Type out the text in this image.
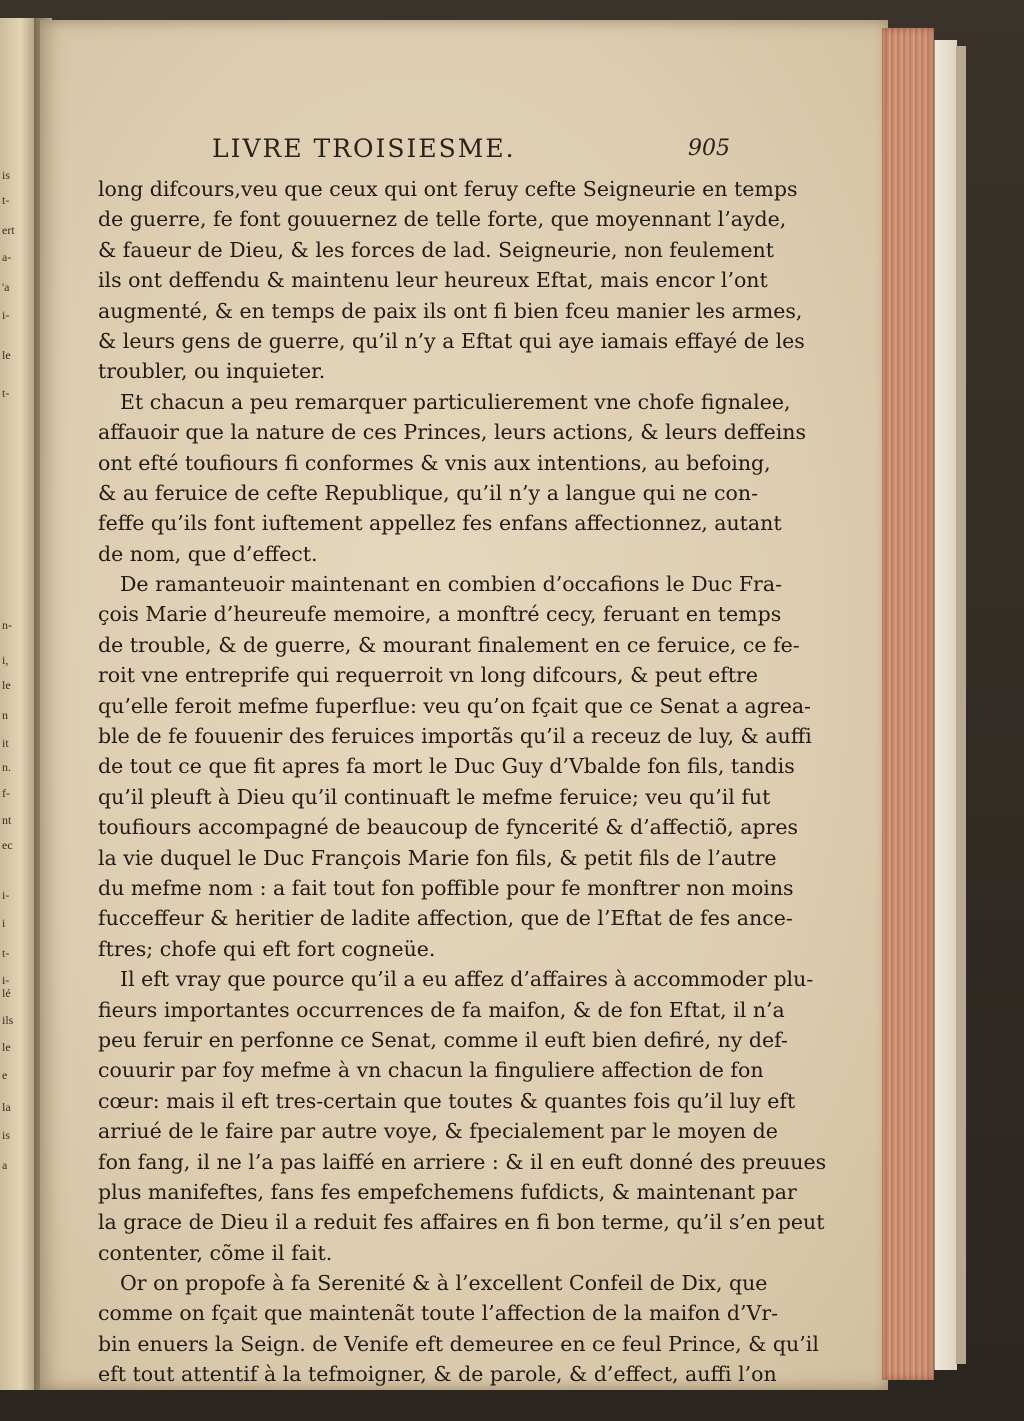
is
t-
ert
a-
'a
i-
le
t-
n-
i,
le
n
it
n.
f-
nt
ec
i-
i
t-
i-
lé
ils
le
e
la
is
a
LIVRE TROISIESME.	905
long difcours,veu que ceux qui ont feruy cefte Seigneurie en temps
de guerre, fe font gouuernez de telle forte, que moyennant l’ayde,
& faueur de Dieu, & les forces de lad. Seigneurie, non feulement
ils ont deffendu & maintenu leur heureux Eftat, mais encor l’ont
augmenté, & en temps de paix ils ont fi bien fceu manier les armes,
& leurs gens de guerre, qu’il n’y a Eftat qui aye iamais effayé de les
troubler, ou inquieter.
Et chacun a peu remarquer particulierement vne chofe fignalee,
affauoir que la nature de ces Princes, leurs actions, & leurs deffeins
ont efté toufiours fi conformes & vnis aux intentions, au befoing,
& au feruice de cefte Republique, qu’il n’y a langue qui ne con-
feffe qu’ils font iuftement appellez fes enfans affectionnez, autant
de nom, que d’effect.
De ramanteuoir maintenant en combien d’occafions le Duc Fra-
çois Marie d’heureufe memoire, a monftré cecy, feruant en temps
de trouble, & de guerre, & mourant finalement en ce feruice, ce fe-
roit vne entreprife qui requerroit vn long difcours, & peut eftre
qu’elle feroit mefme fuperflue: veu qu’on fçait que ce Senat a agrea-
ble de fe fouuenir des feruices importãs qu’il a receuz de luy, & auffi
de tout ce que fit apres fa mort le Duc Guy d’Vbalde fon fils, tandis
qu’il pleuft à Dieu qu’il continuaft le mefme feruice; veu qu’il fut
toufiours accompagné de beaucoup de fyncerité & d’affectiõ, apres
la vie duquel le Duc François Marie fon fils, & petit fils de l’autre
du mefme nom : a fait tout fon poffible pour fe monftrer non moins
fucceffeur & heritier de ladite affection, que de l’Eftat de fes ance-
ftres; chofe qui eft fort cogneüe.
Il eft vray que pource qu’il a eu affez d’affaires à accommoder plu-
fieurs importantes occurrences de fa maifon, & de fon Eftat, il n’a
peu feruir en perfonne ce Senat, comme il euft bien defiré, ny def-
couurir par foy mefme à vn chacun la finguliere affection de fon
cœur: mais il eft tres-certain que toutes & quantes fois qu’il luy eft
arriué de le faire par autre voye, & fpecialement par le moyen de
fon fang, il ne l’a pas laiffé en arriere : & il en euft donné des preuues
plus manifeftes, fans fes empefchemens fufdicts, & maintenant par
la grace de Dieu il a reduit fes affaires en fi bon terme, qu’il s’en peut
contenter, cõme il fait.
Or on propofe à fa Serenité & à l’excellent Confeil de Dix, que
comme on fçait que maintenãt toute l’affection de la maifon d’Vr-
bin enuers la Seign. de Venife eft demeuree en ce feul Prince, & qu’il
eft tout attentif à la tefmoigner, & de parole, & d’effect, auffi l’on
